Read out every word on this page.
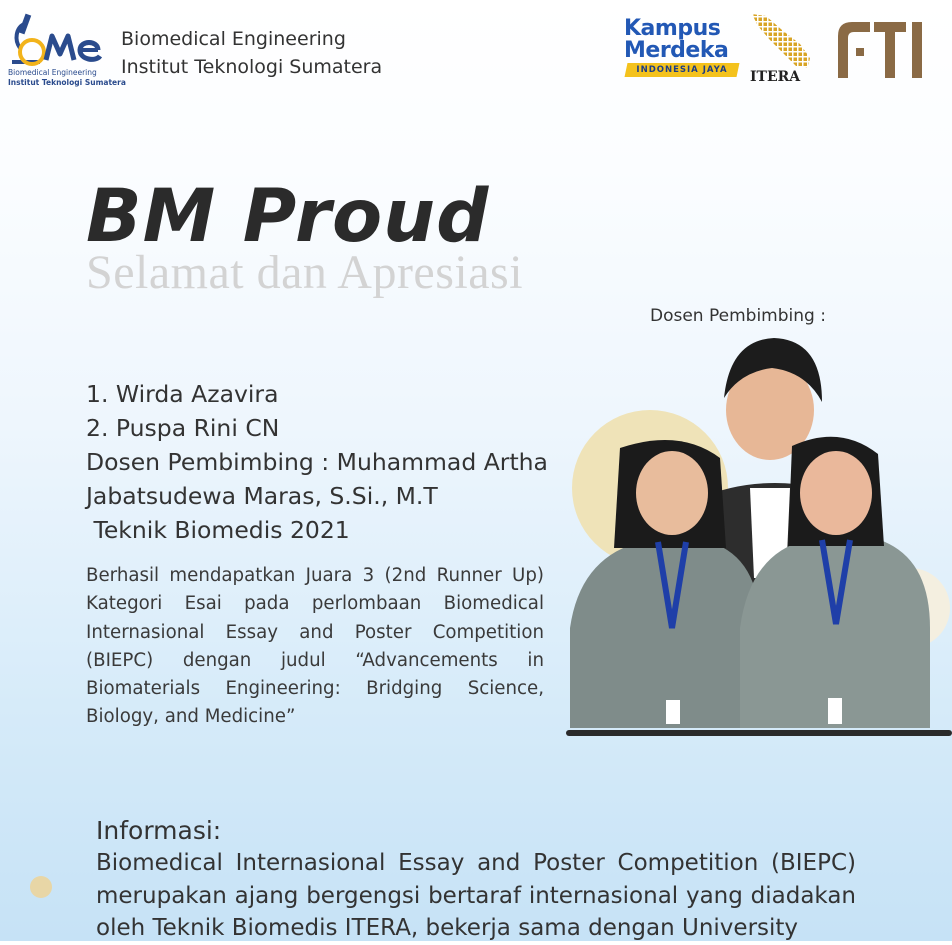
Biomedical Engineering
Institut Teknologi Sumatera
Biomedical Engineering
Institut Teknologi Sumatera
Kampus
Merdeka
INDONESIA JAYA	ITERA
BM Proud
Selamat dan Apresiasi
1. Wirda Azavira
2. Puspa Rini CN
Dosen Pembimbing : Muhammad Artha
Jabatsudewa Maras, S.Si., M.T
Teknik Biomedis 2021
Berhasil mendapatkan Juara 3 (2nd Runner Up) Kategori Esai pada perlombaan Biomedical Internasional Essay and Poster Competition (BIEPC) dengan judul “Advancements in Biomaterials Engineering: Bridging Science, Biology, and Medicine”
Dosen Pembimbing :
Informasi:
Biomedical Internasional Essay and Poster Competition (BIEPC) merupakan ajang bergengsi bertaraf internasional yang diadakan oleh Teknik Biomedis ITERA, bekerja sama dengan University
